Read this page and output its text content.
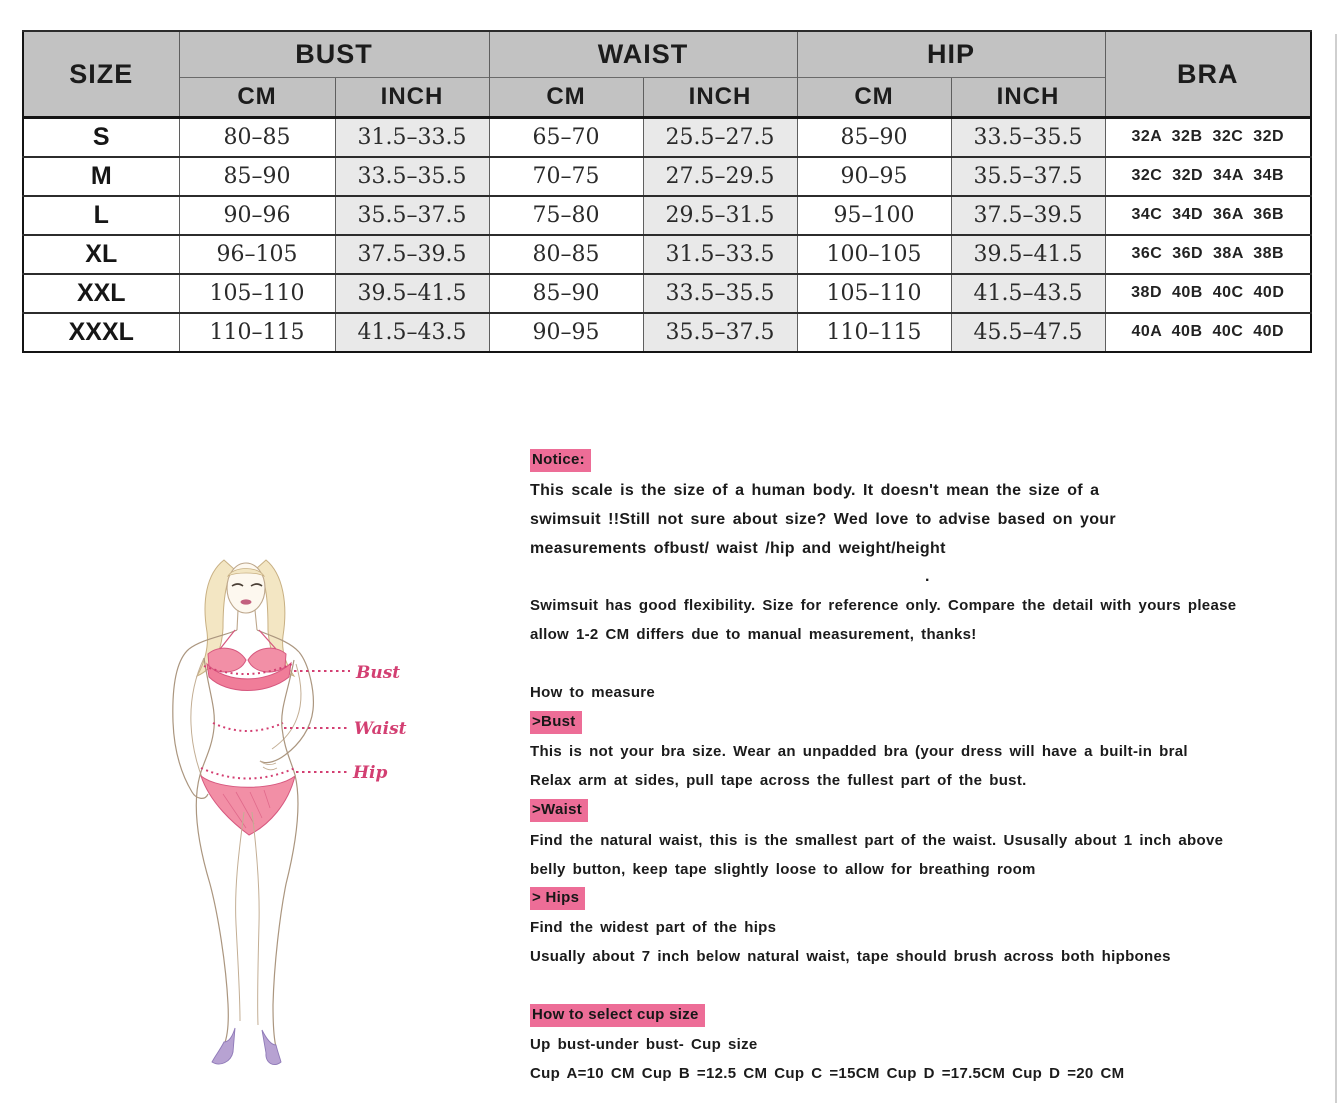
SIZE	BUST		WAIST		HIP		BRA
	CM	INCH	CM	INCH	CM	INCH	
S	80–85	31.5–33.5	65–70	25.5–27.5	85–90	33.5–35.5	32A 32B 32C 32D
M	85–90	33.5–35.5	70–75	27.5–29.5	90–95	35.5–37.5	32C 32D 34A 34B
L	90–96	35.5–37.5	75–80	29.5–31.5	95–100	37.5–39.5	34C 34D 36A 36B
XL	96–105	37.5–39.5	80–85	31.5–33.5	100–105	39.5–41.5	36C 36D 38A 38B
XXL	105–110	39.5–41.5	85–90	33.5–35.5	105–110	41.5–43.5	38D 40B 40C 40D
XXXL	110–115	41.5–43.5	90–95	35.5–37.5	110–115	45.5–47.5	40A 40B 40C 40D
Bust
Waist
Hip
Notice:
This scale is the size of a human body. It doesn't mean the size of a
swimsuit !!Still not sure about size? Wed love to advise based on your
measurements ofbust/ waist /hip and weight/height
.
Swimsuit has good flexibility. Size for reference only. Compare the detail with yours please
allow 1-2 CM differs due to manual measurement, thanks!
How to measure
>Bust
This is not your bra size. Wear an unpadded bra (your dress will have a built-in bral
Relax arm at sides, pull tape across the fullest part of the bust.
>Waist
Find the natural waist, this is the smallest part of the waist. Ususally about 1 inch above
belly button, keep tape slightly loose to allow for breathing room
> Hips
Find the widest part of the hips
Usually about 7 inch below natural waist, tape should brush across both hipbones
How to select cup size
Up bust-under bust- Cup size
Cup A=10 CM Cup B =12.5 CM Cup C =15CM Cup D =17.5CM Cup D =20 CM
